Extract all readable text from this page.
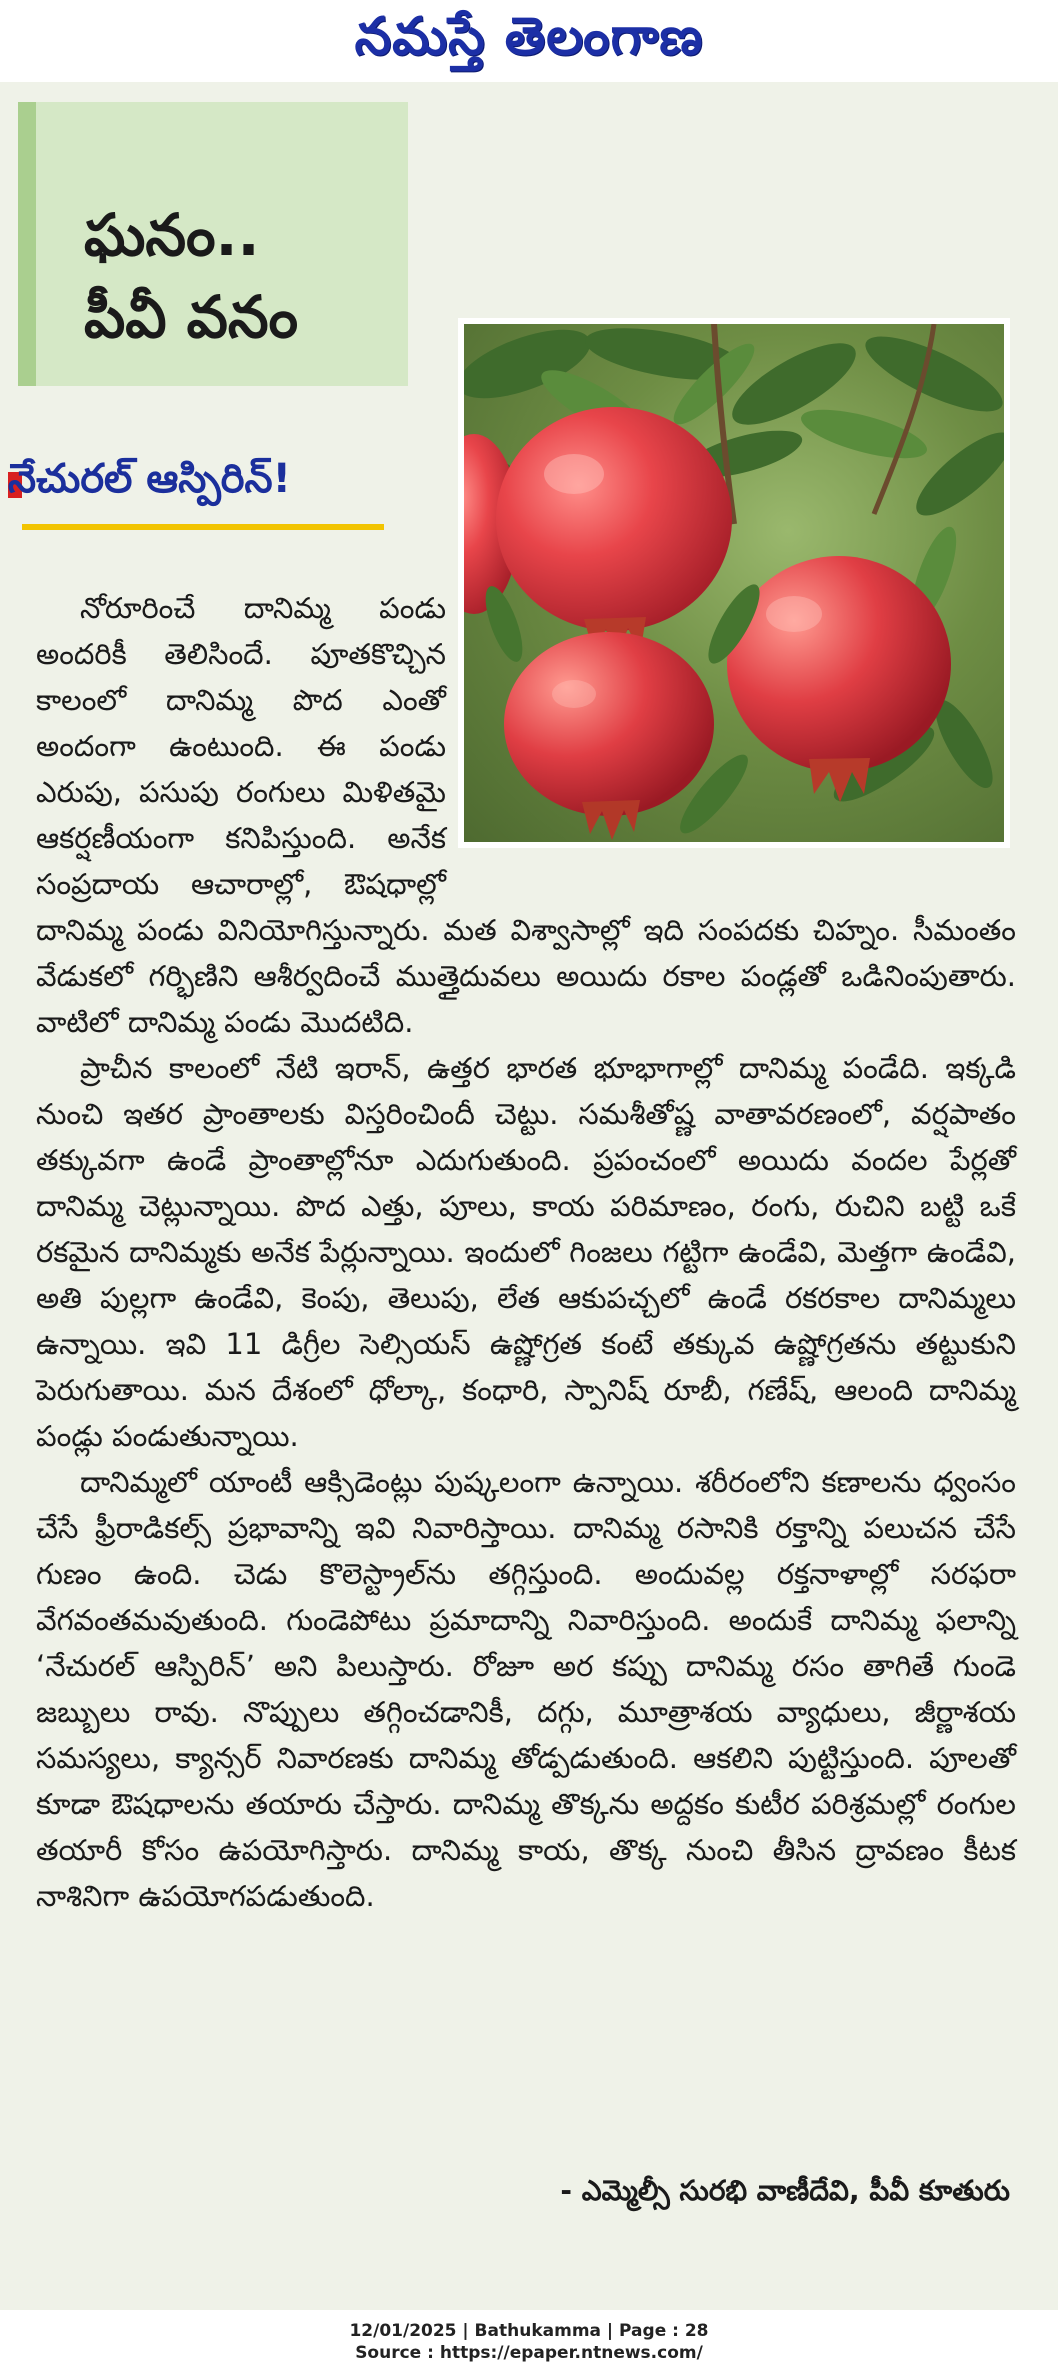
నమస్తే తెలంగాణ
ఘనం..
పీవీ వనం
నేచురల్ ఆస్పిరిన్!

నోరూరించే దానిమ్మ పండు అందరికీ తెలిసిందే. పూతకొచ్చిన కాలంలో దానిమ్మ పొద ఎంతో అందంగా ఉంటుంది. ఈ పండు ఎరుపు, పసుపు రంగులు మిళితమై ఆకర్షణీయంగా కనిపిస్తుంది. అనేక సంప్రదాయ ఆచారాల్లో, ఔషధాల్లో దానిమ్మ పండు వినియోగిస్తున్నారు. మత విశ్వాసాల్లో ఇది సంపదకు చిహ్నం. సీమంతం వేడుకలో గర్భిణిని ఆశీర్వదించే ముత్తైదువలు అయిదు రకాల పండ్లతో ఒడినింపుతారు. వాటిలో దానిమ్మ పండు మొదటిది.

ప్రాచీన కాలంలో నేటి ఇరాన్, ఉత్తర భారత భూభాగాల్లో దానిమ్మ పండేది. ఇక్కడి నుంచి ఇతర ప్రాంతాలకు విస్తరించిందీ చెట్టు. సమశీతోష్ణ వాతావరణంలో, వర్షపాతం తక్కువగా ఉండే ప్రాంతాల్లోనూ ఎదుగుతుంది. ప్రపంచంలో అయిదు వందల పేర్లతో దానిమ్మ చెట్లున్నాయి. పొద ఎత్తు, పూలు, కాయ పరిమాణం, రంగు, రుచిని బట్టి ఒకే రకమైన దానిమ్మకు అనేక పేర్లున్నాయి. ఇందులో గింజలు గట్టిగా ఉండేవి, మెత్తగా ఉండేవి, అతి పుల్లగా ఉండేవి, కెంపు, తెలుపు, లేత ఆకుపచ్చలో ఉండే రకరకాల దానిమ్మలు ఉన్నాయి. ఇవి 11 డిగ్రీల సెల్సియస్ ఉష్ణోగ్రత కంటే తక్కువ ఉష్ణోగ్రతను తట్టుకుని పెరుగుతాయి. మన దేశంలో ధోల్కా, కంధారి, స్పానిష్ రూబీ, గణేష్, ఆలంది దానిమ్మ పండ్లు పండుతున్నాయి.

దానిమ్మలో యాంటీ ఆక్సిడెంట్లు పుష్కలంగా ఉన్నాయి. శరీరంలోని కణాలను ధ్వంసం చేసే ఫ్రీరాడికల్స్ ప్రభావాన్ని ఇవి నివారిస్తాయి. దానిమ్మ రసానికి రక్తాన్ని పలుచన చేసే గుణం ఉంది. చెడు కొలెస్ట్రాల్‌ను తగ్గిస్తుంది. అందువల్ల రక్తనాళాల్లో సరఫరా వేగవంతమవుతుంది. గుండెపోటు ప్రమాదాన్ని నివారిస్తుంది. అందుకే దానిమ్మ ఫలాన్ని ‘నేచురల్ ఆస్పిరిన్’ అని పిలుస్తారు. రోజూ అర కప్పు దానిమ్మ రసం తాగితే గుండె జబ్బులు రావు. నొప్పులు తగ్గించడానికీ, దగ్గు, మూత్రాశయ వ్యాధులు, జీర్ణాశయ సమస్యలు, క్యాన్సర్ నివారణకు దానిమ్మ తోడ్పడుతుంది. ఆకలిని పుట్టిస్తుంది. పూలతో కూడా ఔషధాలను తయారు చేస్తారు. దానిమ్మ తొక్కను అద్దకం కుటీర పరిశ్రమల్లో రంగుల తయారీ కోసం ఉపయోగిస్తారు. దానిమ్మ కాయ, తొక్క నుంచి తీసిన ద్రావణం కీటక నాశినిగా ఉపయోగపడుతుంది.

- ఎమ్మెల్సీ సురభి వాణీదేవి, పీవీ కూతురు
12/01/2025 | Bathukamma | Page : 28
Source : https://epaper.ntnews.com/
